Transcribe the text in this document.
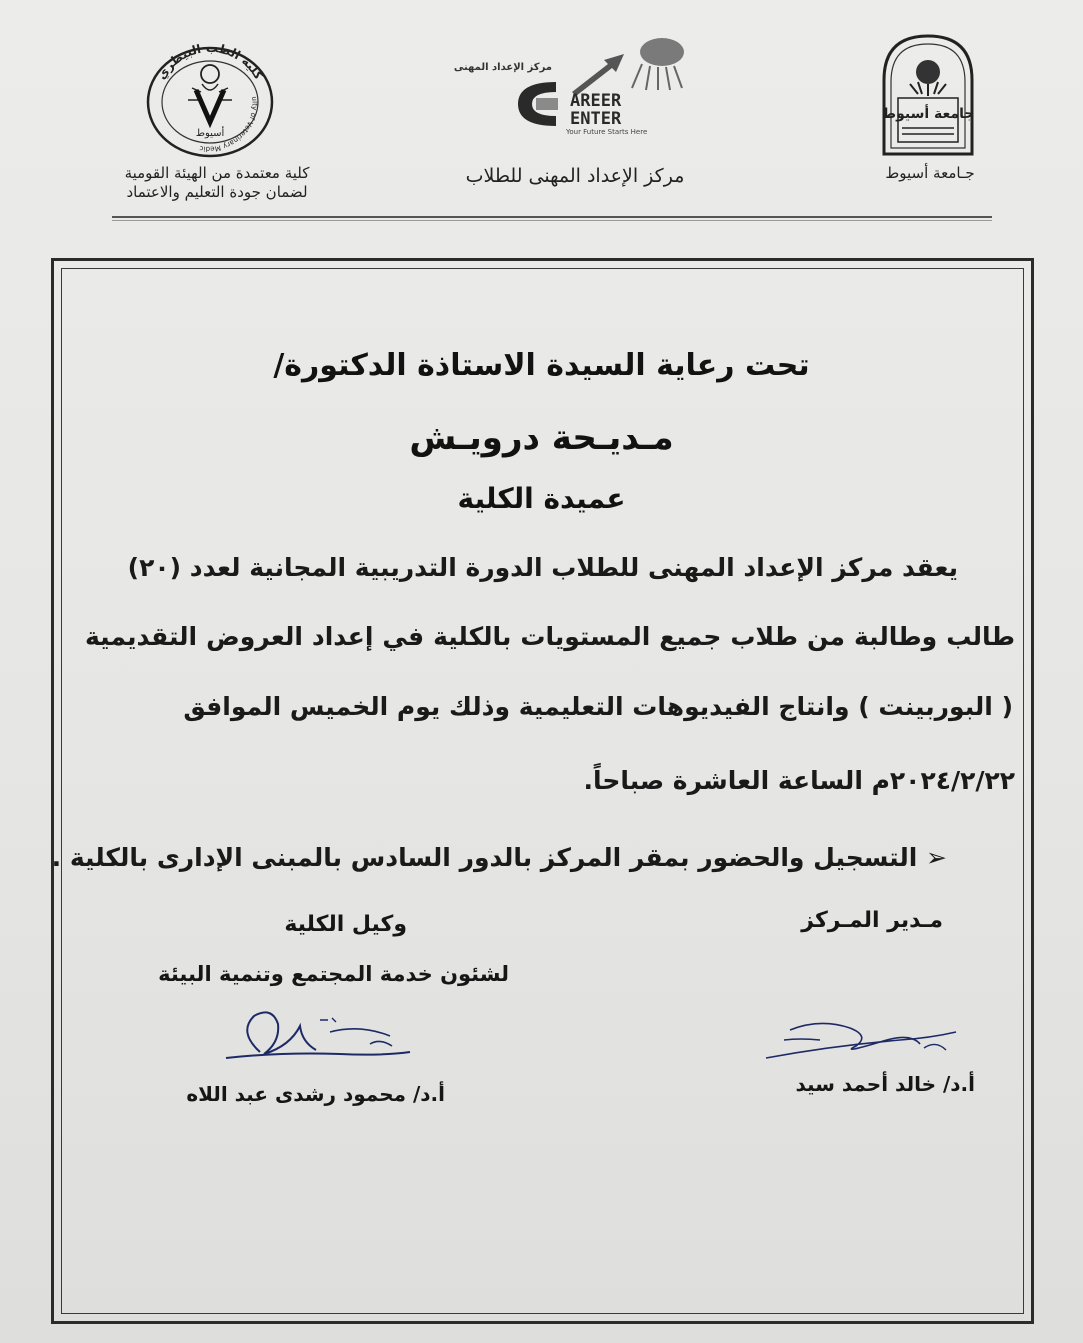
كلية الطب البيطري
ulty of Veterinary Medic
أسيوط
كلية معتمدة من الهيئة القومية
لضمان جودة التعليم والاعتماد
مركز الإعداد المهنى
AREER
ENTER
Your Future Starts Here
مركز الإعداد المهنى للطلاب
جامعة أسيوط
جـامعة أسيوط
تحت رعاية السيدة الاستاذة الدكتورة/
مـديـحة درويـش
عميدة الكلية
يعقد مركز الإعداد المهنى للطلاب الدورة التدريبية المجانية لعدد (٢٠)
طالب وطالبة من طلاب جميع المستويات بالكلية في إعداد العروض التقديمية
( البوربينت ) وانتاج الفيديوهات التعليمية وذلك يوم الخميس الموافق
٢٠٢٤/٢/٢٢م الساعة العاشرة صباحاً.
➢ التسجيل والحضور بمقر المركز بالدور السادس بالمبنى الإدارى بالكلية .
مـدير المـركز
وكيل الكلية
لشئون خدمة المجتمع وتنمية البيئة
أ.د/ خالد أحمد سيد
أ.د/ محمود رشدى عبد اللاه
